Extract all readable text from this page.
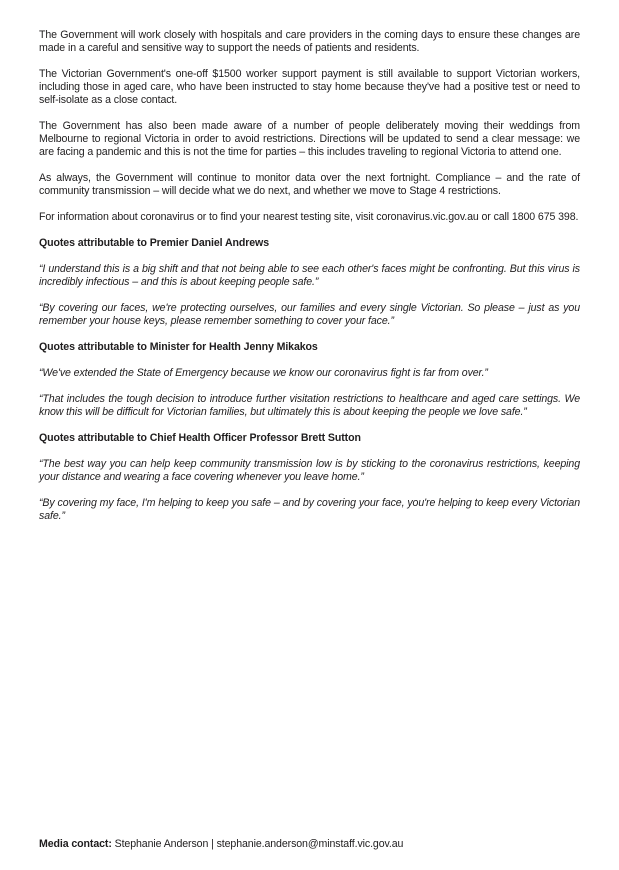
The Government will work closely with hospitals and care providers in the coming days to ensure these changes are made in a careful and sensitive way to support the needs of patients and residents.

The Victorian Government's one-off $1500 worker support payment is still available to support Victorian workers, including those in aged care, who have been instructed to stay home because they've had a positive test or need to self-isolate as a close contact.

The Government has also been made aware of a number of people deliberately moving their weddings from Melbourne to regional Victoria in order to avoid restrictions. Directions will be updated to send a clear message: we are facing a pandemic and this is not the time for parties – this includes traveling to regional Victoria to attend one.

As always, the Government will continue to monitor data over the next fortnight. Compliance – and the rate of community transmission – will decide what we do next, and whether we move to Stage 4 restrictions.

For information about coronavirus or to find your nearest testing site, visit coronavirus.vic.gov.au or call 1800 675 398.

Quotes attributable to Premier Daniel Andrews

“I understand this is a big shift and that not being able to see each other's faces might be confronting. But this virus is incredibly infectious – and this is about keeping people safe.”

“By covering our faces, we're protecting ourselves, our families and every single Victorian. So please – just as you remember your house keys, please remember something to cover your face.”

Quotes attributable to Minister for Health Jenny Mikakos

“We've extended the State of Emergency because we know our coronavirus fight is far from over.”

“That includes the tough decision to introduce further visitation restrictions to healthcare and aged care settings. We know this will be difficult for Victorian families, but ultimately this is about keeping the people we love safe.”

Quotes attributable to Chief Health Officer Professor Brett Sutton

“The best way you can help keep community transmission low is by sticking to the coronavirus restrictions, keeping your distance and wearing a face covering whenever you leave home.”

“By covering my face, I'm helping to keep you safe – and by covering your face, you're helping to keep every Victorian safe.”

Media contact: Stephanie Anderson | stephanie.anderson@minstaff.vic.gov.au
